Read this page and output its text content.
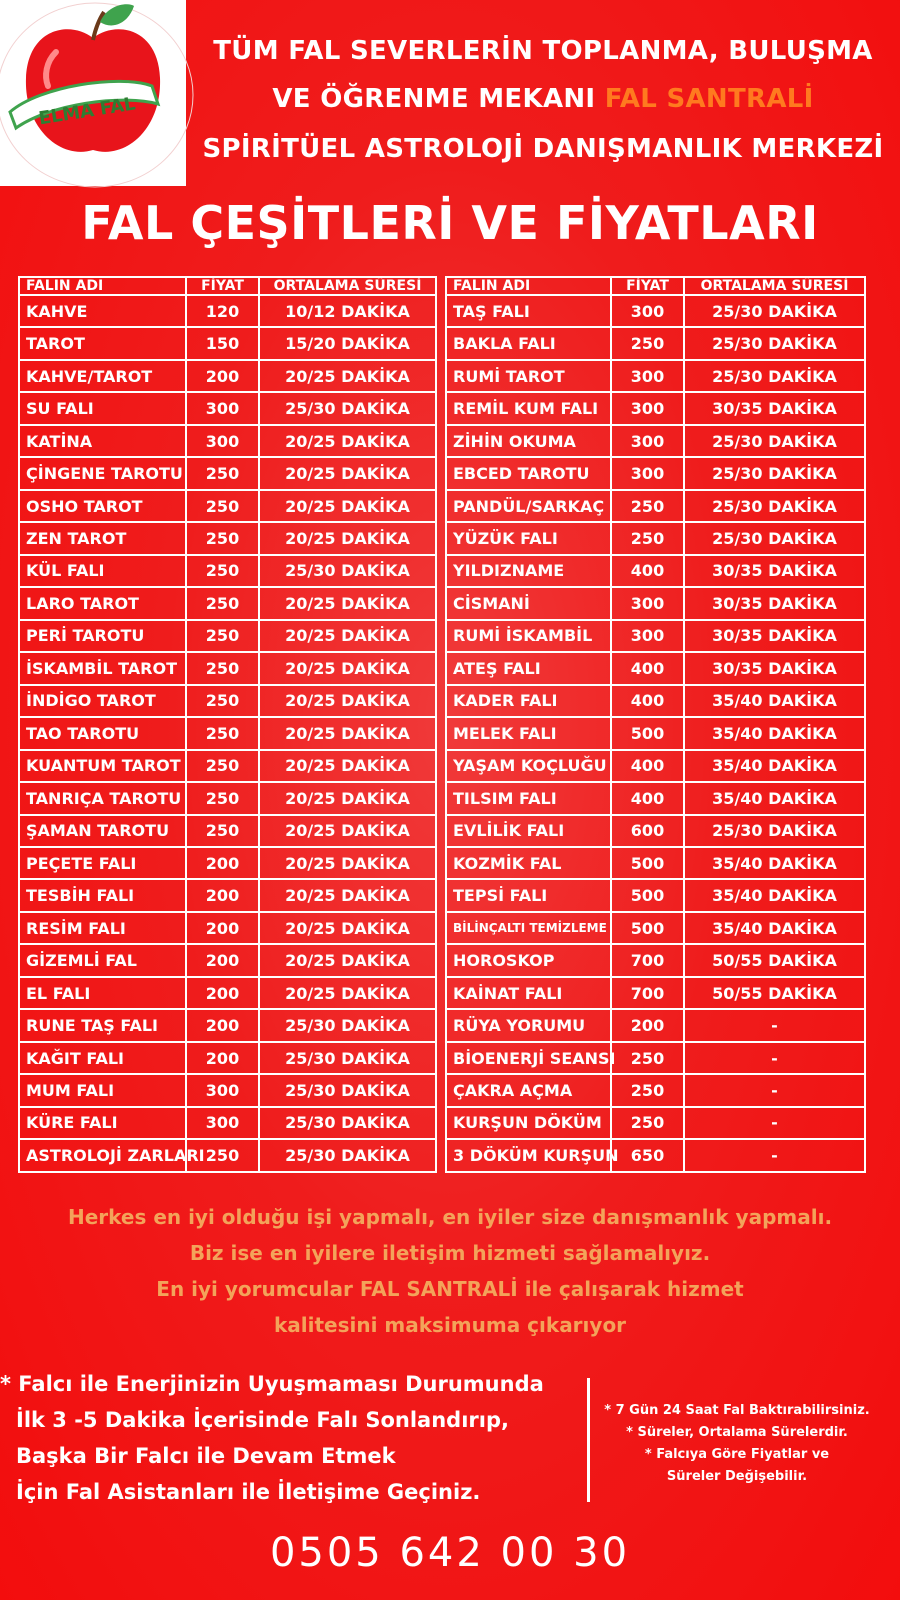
ELMA FAL
TÜM FAL SEVERLERİN TOPLANMA, BULUŞMA
VE ÖĞRENME MEKANI FAL SANTRALİ
SPİRİTÜEL ASTROLOJİ DANIŞMANLIK MERKEZİ
FAL ÇEŞİTLERİ VE FİYATLARI
FALIN ADI	FİYAT	ORTALAMA SÜRESİ
KAHVE	120	10/12 DAKİKA
TAROT	150	15/20 DAKİKA
KAHVE/TAROT	200	20/25 DAKİKA
SU FALI	300	25/30 DAKİKA
KATİNA	300	20/25 DAKİKA
ÇİNGENE TAROTU	250	20/25 DAKİKA
OSHO TAROT	250	20/25 DAKİKA
ZEN TAROT	250	20/25 DAKİKA
KÜL FALI	250	25/30 DAKİKA
LARO TAROT	250	20/25 DAKİKA
PERİ TAROTU	250	20/25 DAKİKA
İSKAMBİL TAROT	250	20/25 DAKİKA
İNDİGO TAROT	250	20/25 DAKİKA
TAO TAROTU	250	20/25 DAKİKA
KUANTUM TAROT	250	20/25 DAKİKA
TANRIÇA TAROTU	250	20/25 DAKİKA
ŞAMAN TAROTU	250	20/25 DAKİKA
PEÇETE FALI	200	20/25 DAKİKA
TESBİH FALI	200	20/25 DAKİKA
RESİM FALI	200	20/25 DAKİKA
GİZEMLİ FAL	200	20/25 DAKİKA
EL FALI	200	20/25 DAKİKA
RUNE TAŞ FALI	200	25/30 DAKİKA
KAĞIT FALI	200	25/30 DAKİKA
MUM FALI	300	25/30 DAKİKA
KÜRE FALI	300	25/30 DAKİKA
ASTROLOJİ ZARLARI	250	25/30 DAKİKA
FALIN ADI	FİYAT	ORTALAMA SÜRESİ
TAŞ FALI	300	25/30 DAKİKA
BAKLA FALI	250	25/30 DAKİKA
RUMİ TAROT	300	25/30 DAKİKA
REMİL KUM FALI	300	30/35 DAKİKA
ZİHİN OKUMA	300	25/30 DAKİKA
EBCED TAROTU	300	25/30 DAKİKA
PANDÜL/SARKAÇ	250	25/30 DAKİKA
YÜZÜK FALI	250	25/30 DAKİKA
YILDIZNAME	400	30/35 DAKİKA
CİSMANİ	300	30/35 DAKİKA
RUMİ İSKAMBİL	300	30/35 DAKİKA
ATEŞ FALI	400	30/35 DAKİKA
KADER FALI	400	35/40 DAKİKA
MELEK FALI	500	35/40 DAKİKA
YAŞAM KOÇLUĞU	400	35/40 DAKİKA
TILSIM FALI	400	35/40 DAKİKA
EVLİLİK FALI	600	25/30 DAKİKA
KOZMİK FAL	500	35/40 DAKİKA
TEPSİ FALI	500	35/40 DAKİKA
BİLİNÇALTI TEMİZLEME	500	35/40 DAKİKA
HOROSKOP	700	50/55 DAKİKA
KAİNAT FALI	700	50/55 DAKİKA
RÜYA YORUMU	200	-
BİOENERJİ SEANSI	250	-
ÇAKRA AÇMA	250	-
KURŞUN DÖKÜM	250	-
3 DÖKÜM KURŞUN	650	-
Herkes en iyi olduğu işi yapmalı, en iyiler size danışmanlık yapmalı.
Biz ise en iyilere iletişim hizmeti sağlamalıyız.
En iyi yorumcular FAL SANTRALİ ile çalışarak hizmet
kalitesini maksimuma çıkarıyor
* Falcı ile Enerjinizin Uyuşmaması Durumunda
İlk 3 -5 Dakika İçerisinde Falı Sonlandırıp,
Başka Bir Falcı ile Devam Etmek
İçin Fal Asistanları ile İletişime Geçiniz.
* 7 Gün 24 Saat Fal Baktırabilirsiniz.
* Süreler, Ortalama Sürelerdir.
* Falcıya Göre Fiyatlar ve
Süreler Değişebilir.
0505 642 00 30
